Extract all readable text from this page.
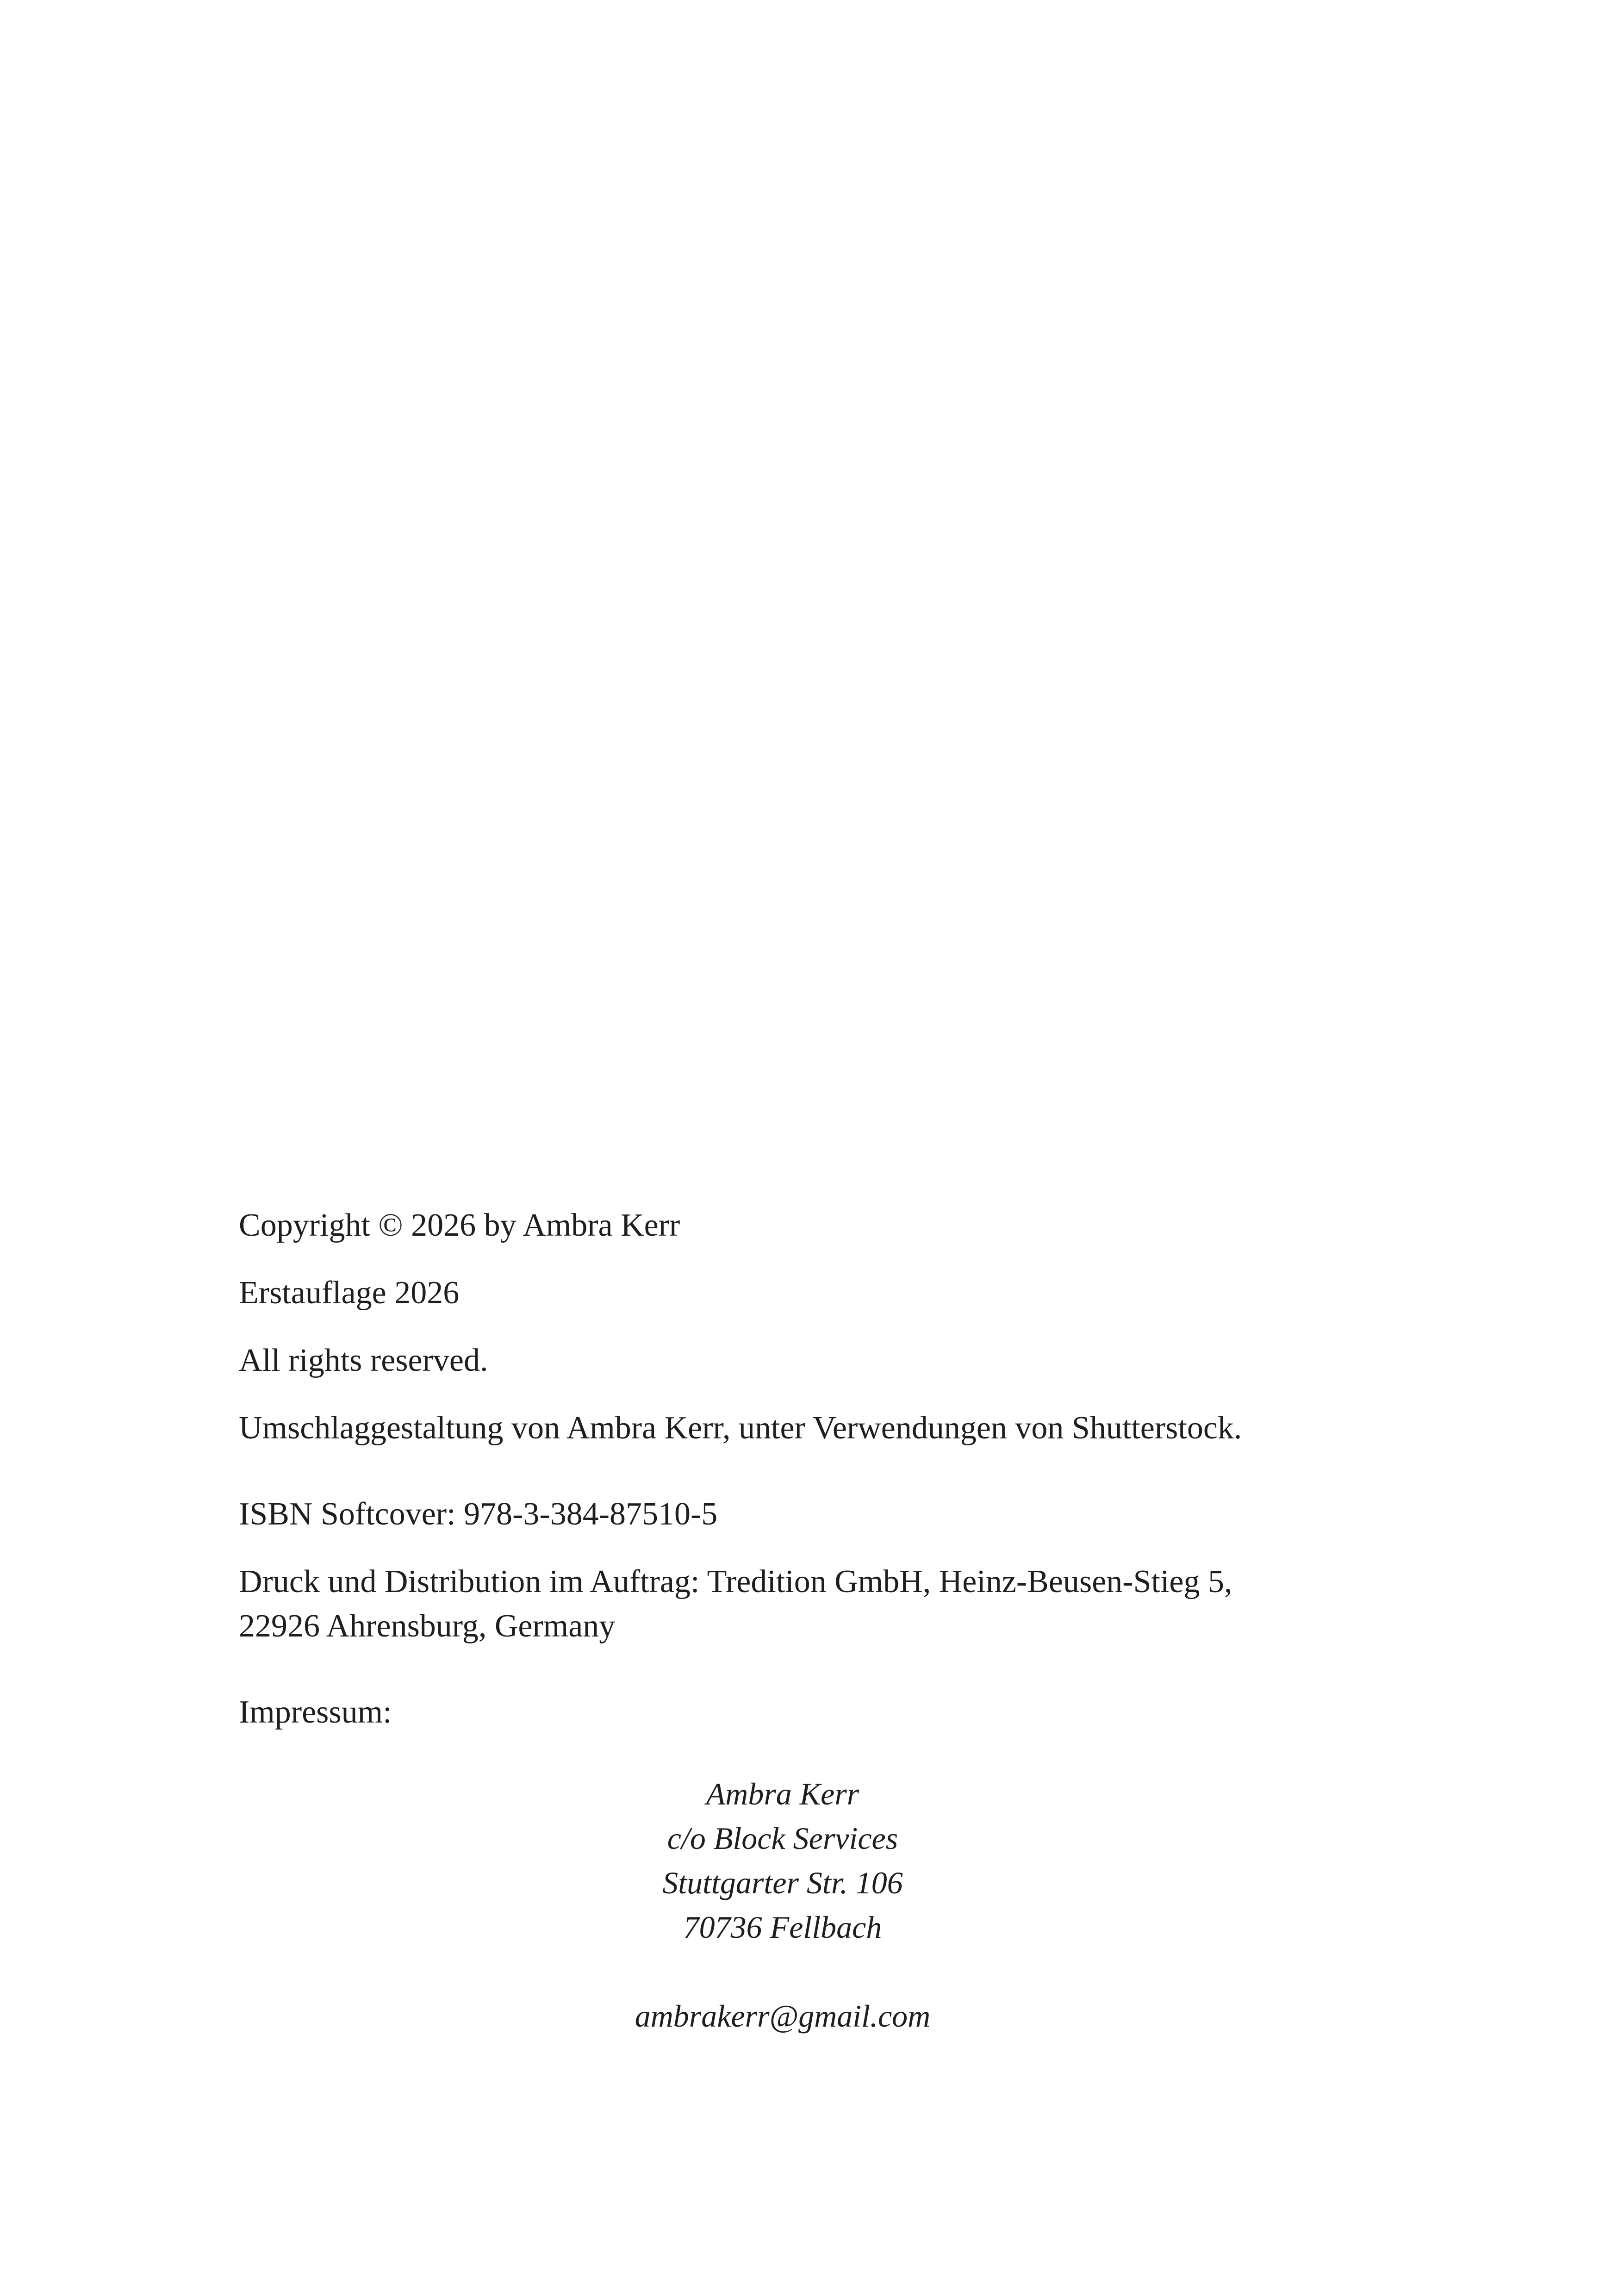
Copyright © 2026 by Ambra Kerr

Erstauflage 2026

All rights reserved.

Umschlaggestaltung von Ambra Kerr, unter Verwendungen von Shutterstock.

ISBN Softcover: 978-3-384-87510-5

Druck und Distribution im Auftrag: Tredition GmbH, Heinz-Beusen-Stieg 5,

22926 Ahrensburg, Germany

Impressum:

Ambra Kerr
c/o Block Services
Stuttgarter Str. 106
70736 Fellbach
ambrakerr@gmail.com
